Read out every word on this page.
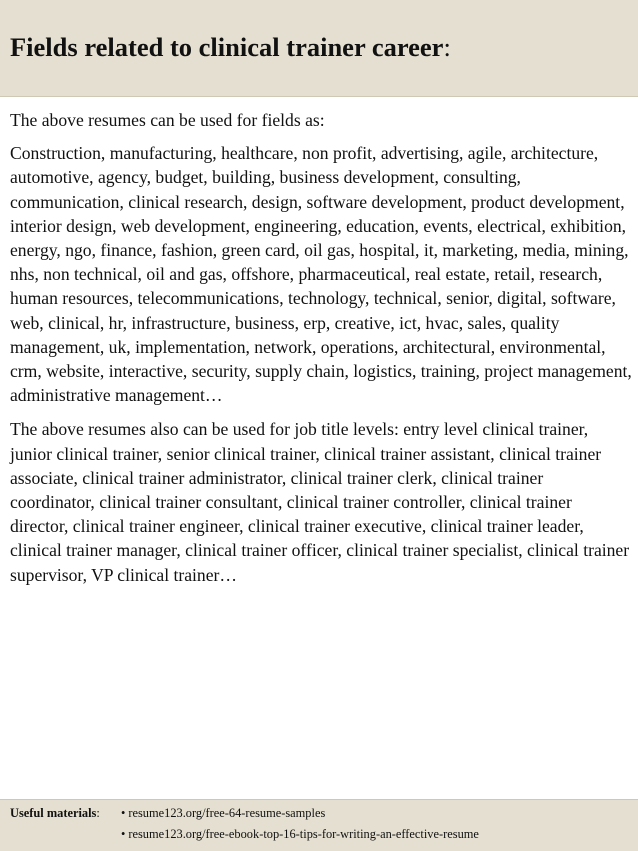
Fields related to clinical trainer career:

The above resumes can be used for fields as:

Construction, manufacturing, healthcare, non profit, advertising, agile, architecture, automotive, agency, budget, building, business development, consulting, communication, clinical research, design, software development, product development, interior design, web development, engineering, education, events, electrical, exhibition, energy, ngo, finance, fashion, green card, oil gas, hospital, it, marketing, media, mining, nhs, non technical, oil and gas, offshore, pharmaceutical, real estate, retail, research, human resources, telecommunications, technology, technical, senior, digital, software, web, clinical, hr, infrastructure, business, erp, creative, ict, hvac, sales, quality management, uk, implementation, network, operations, architectural, environmental, crm, website, interactive, security, supply chain, logistics, training, project management, administrative management…

The above resumes also can be used for job title levels: entry level clinical trainer, junior clinical trainer, senior clinical trainer, clinical trainer assistant, clinical trainer associate, clinical trainer administrator, clinical trainer clerk, clinical trainer coordinator, clinical trainer consultant, clinical trainer controller, clinical trainer director, clinical trainer engineer, clinical trainer executive, clinical trainer leader, clinical trainer manager, clinical trainer officer, clinical trainer specialist, clinical trainer supervisor, VP clinical trainer…

Useful materials: • resume123.org/free-64-resume-samples
• resume123.org/free-ebook-top-16-tips-for-writing-an-effective-resume
